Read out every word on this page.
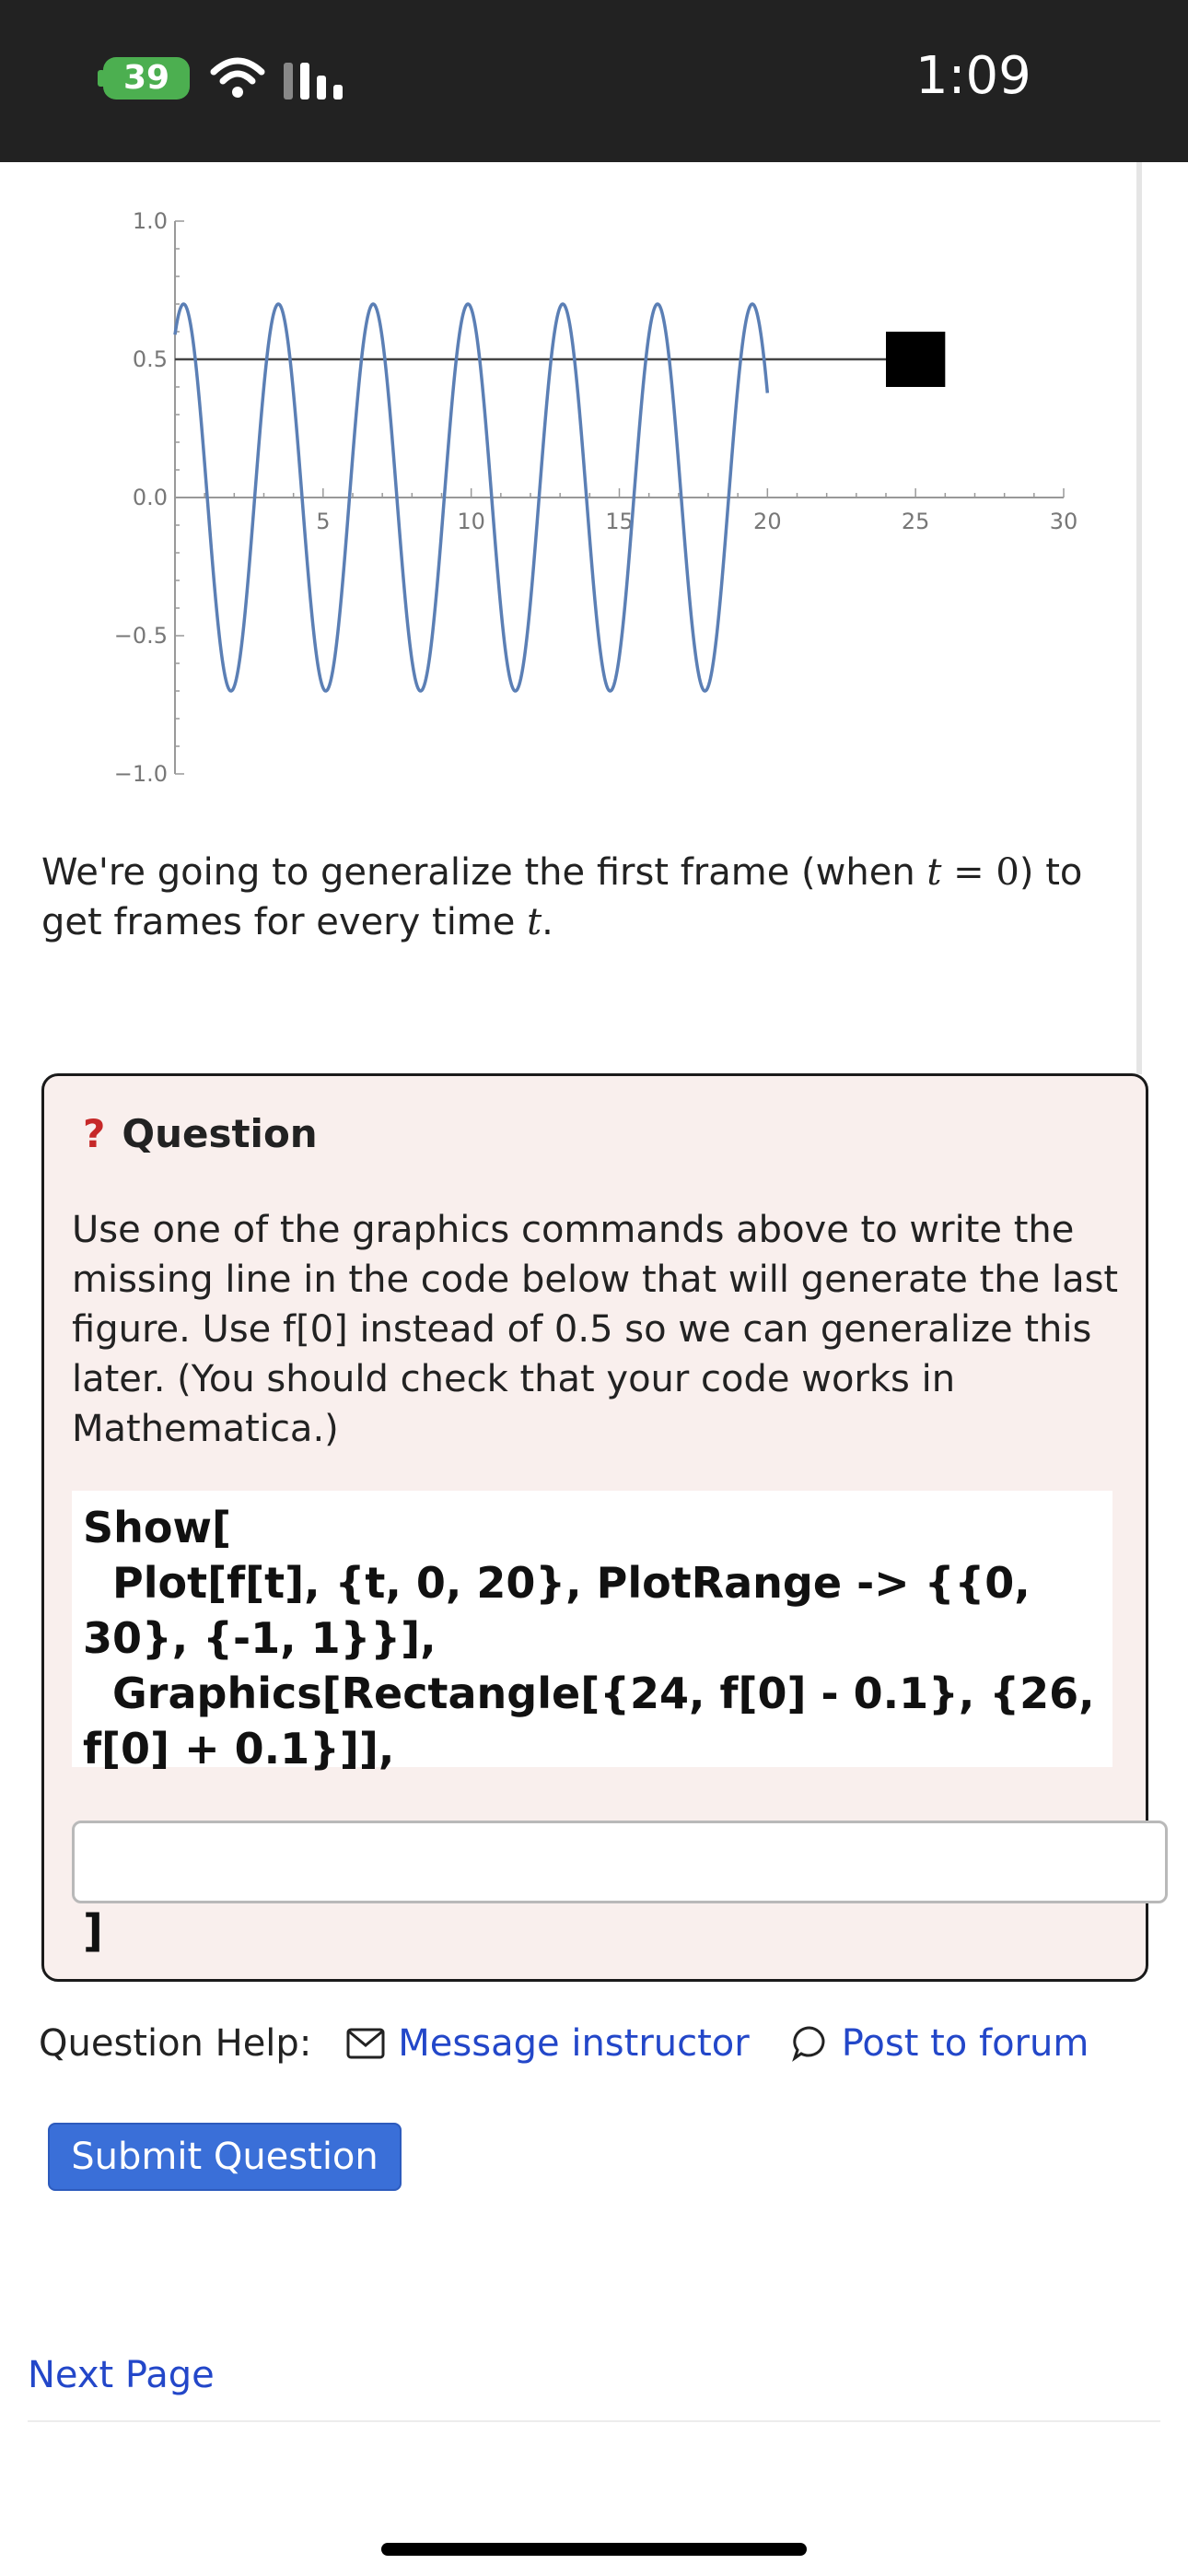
39	1:09
5	10	15	20	25	30
1.0
0.5
0.0
−0.5
−1.0
We're going to generalize the first frame (when t = 0) to get frames for every time t.
? Question
Use one of the graphics commands above to write the missing line in the code below that will generate the last figure. Use f[0] instead of 0.5 so we can generalize this later. (You should check that your code works in Mathematica.)
Show[
Plot[f[t], {t, 0, 20}, PlotRange -> {{0, 30}, {-1, 1}}],
Graphics[Rectangle[{24, f[0] - 0.1}, {26, f[0] + 0.1}]],
]
Question Help: Message instructor	Post to forum
Submit Question
Next Page
